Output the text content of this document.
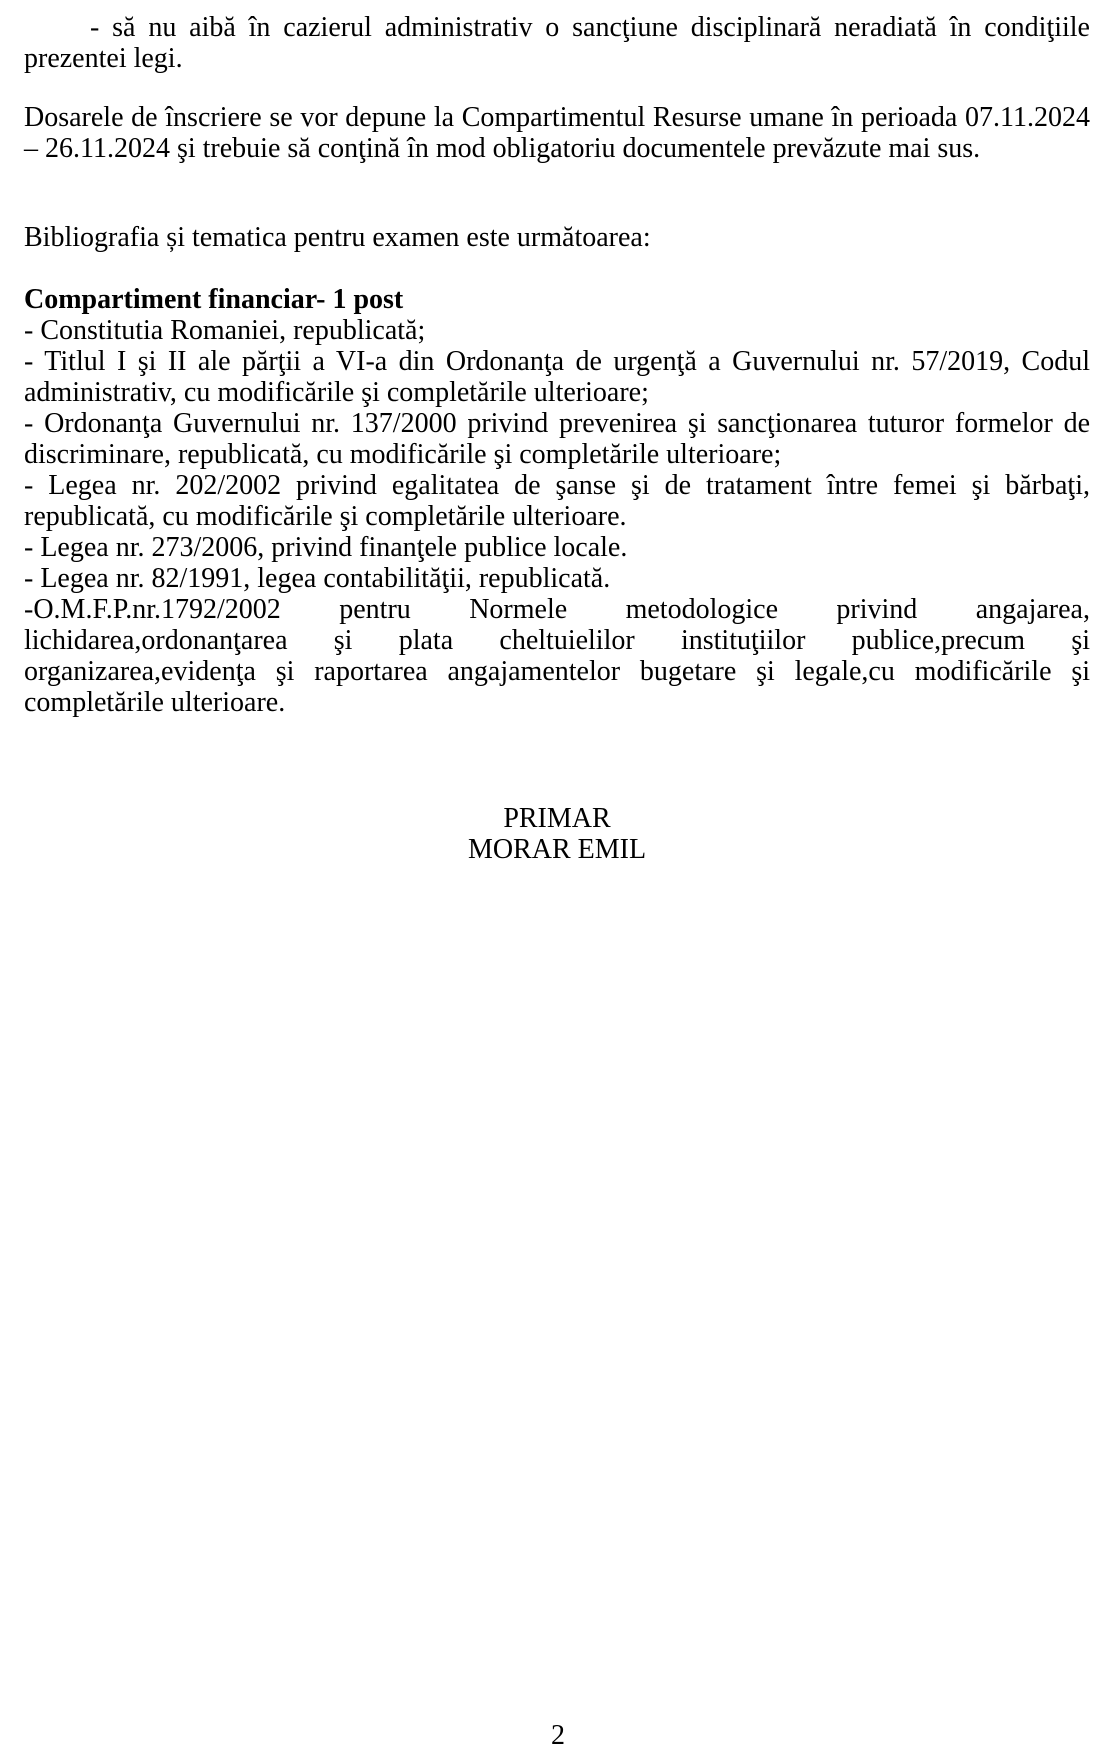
- să nu aibă în cazierul administrativ o sancţiune disciplinară neradiată în condiţiile prezentei legi.

Dosarele de înscriere se vor depune la Compartimentul Resurse umane în perioada 07.11.2024 – 26.11.2024 şi trebuie să conţină în mod obligatoriu documentele prevăzute mai sus.

Bibliografia și tematica pentru examen este următoarea:

Compartiment financiar- 1 post

- Constitutia Romaniei, republicată;

- Titlul I şi II ale părţii a VI-a din Ordonanţa de urgenţă a Guvernului nr. 57/2019, Codul administrativ, cu modificările şi completările ulterioare;

- Ordonanţa Guvernului nr. 137/2000 privind prevenirea şi sancţionarea tuturor formelor de discriminare, republicată, cu modificările şi completările ulterioare;

- Legea nr. 202/2002 privind egalitatea de şanse şi de tratament între femei şi bărbaţi, republicată, cu modificările şi completările ulterioare.

- Legea nr. 273/2006, privind finanţele publice locale.

- Legea nr. 82/1991, legea contabilităţii, republicată.

-O.M.F.P.nr.1792/2002 pentru Normele metodologice privind angajarea, lichidarea,ordonanţarea şi plata cheltuielilor instituţiilor publice,precum şi organizarea,evidenţa şi raportarea angajamentelor bugetare şi legale,cu modificările şi completările ulterioare.

PRIMAR

MORAR EMIL

2
